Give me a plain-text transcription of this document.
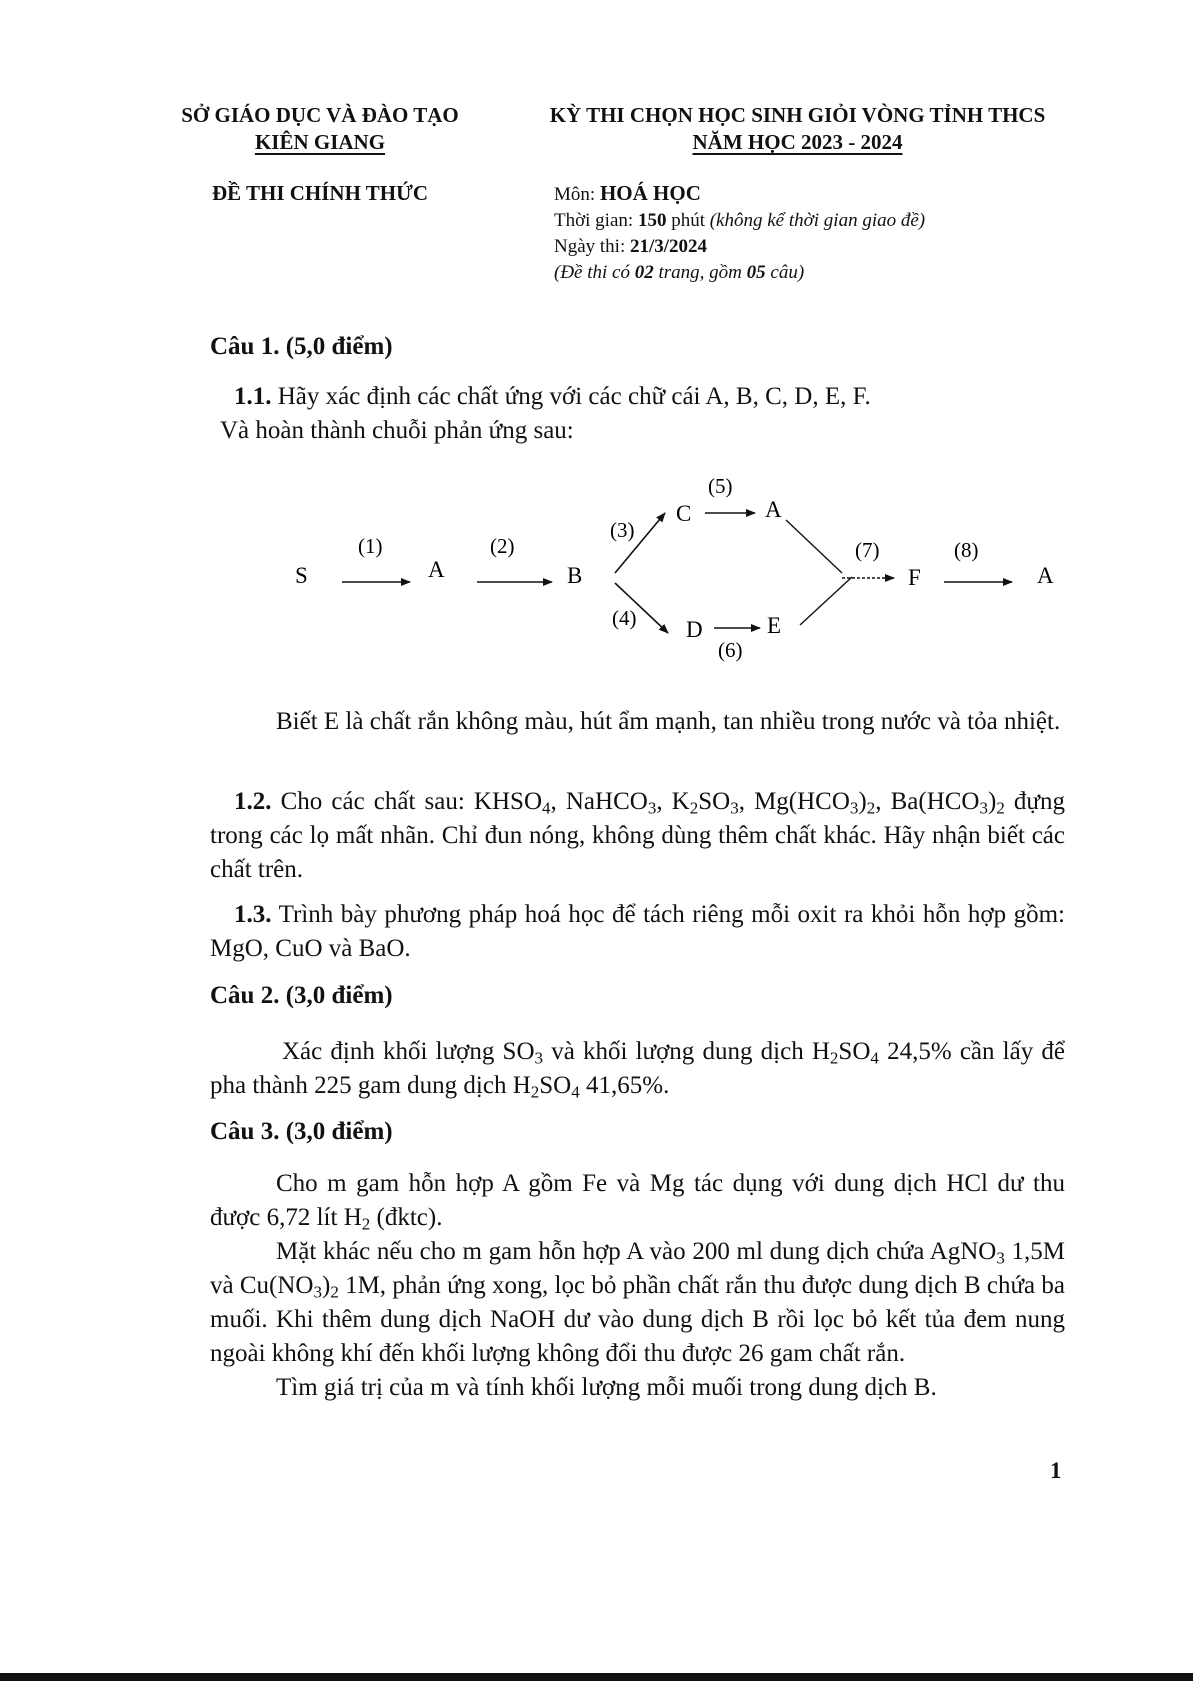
SỞ GIÁO DỤC VÀ ĐÀO TẠO
KIÊN GIANG
KỲ THI CHỌN HỌC SINH GIỎI VÒNG TỈNH THCS
NĂM HỌC 2023 - 2024
ĐỀ THI CHÍNH THỨC	Môn: HOÁ HỌC
Thời gian: 150 phút (không kể thời gian giao đề)
Ngày thi: 21/3/2024
(Đề thi có 02 trang, gồm 05 câu)
Câu 1. (5,0 điểm)

1.1. Hãy xác định các chất ứng với các chữ cái A, B, C, D, E, F.

Và hoàn thành chuỗi phản ứng sau:

S	A	B
C	A
D	E
F	A
(1)	(2)
(3)
(4)
(5)
(6)
(7)	(8)

Biết E là chất rắn không màu, hút ẩm mạnh, tan nhiều trong nước và tỏa nhiệt.

1.2. Cho các chất sau: $KHSO_4$, NaHCO$_3$, $K_2SO_3$, $Mg(HCO_3)_2$, $Ba(HCO_3)_2$ đựng trong các lọ mất nhãn. Chỉ đun nóng, không dùng thêm chất khác. Hãy nhận biết các chất trên.

1.3. Trình bày phương pháp hoá học để tách riêng mỗi oxit ra khỏi hỗn hợp gồm: MgO, CuO và BaO.

Câu 2. (3,0 điểm)

Xác định khối lượng $SO_3$ và khối lượng dung dịch $H_2SO_4$ 24,5% cần lấy để pha thành 225 gam dung dịch $H_2SO_4$ 41,65%.

Câu 3. (3,0 điểm)

Cho m gam hỗn hợp A gồm Fe và Mg tác dụng với dung dịch HCl dư thu được 6,72 lít $H_2$ (đktc).

Mặt khác nếu cho m gam hỗn hợp A vào 200 ml dung dịch chứa AgNO$_3$ 1,5M và $Cu(NO_3)_2$ 1M, phản ứng xong, lọc bỏ phần chất rắn thu được dung dịch B chứa ba muối. Khi thêm dung dịch NaOH dư vào dung dịch B rồi lọc bỏ kết tủa đem nung ngoài không khí đến khối lượng không đổi thu được 26 gam chất rắn.

Tìm giá trị của m và tính khối lượng mỗi muối trong dung dịch B.

1
